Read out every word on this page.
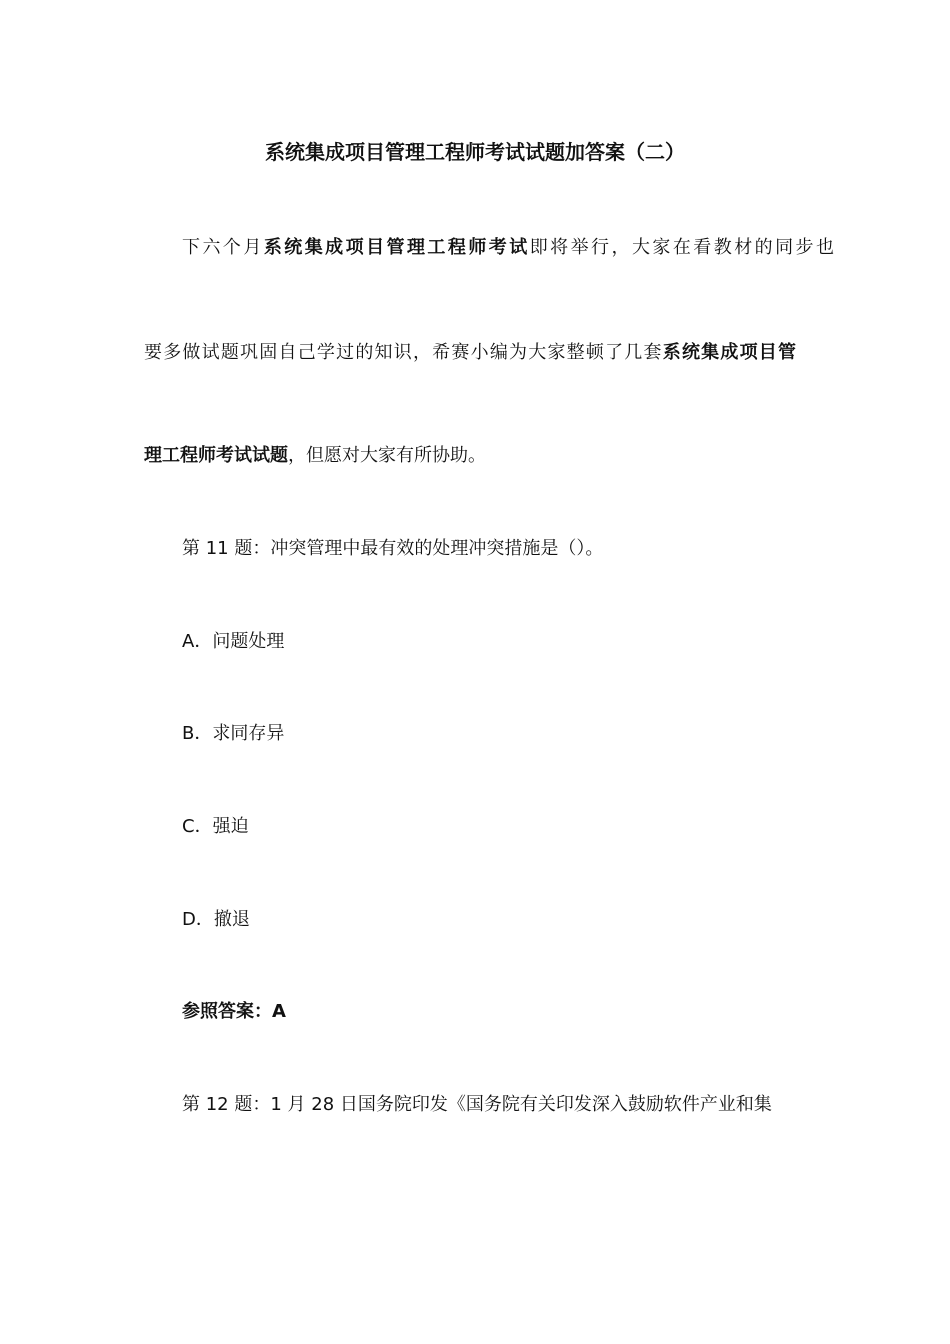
系统集成项目管理工程师考试试题加答案（二）
下六个月系统集成项目管理工程师考试即将举行，大家在看教材的同步也
要多做试题巩固自己学过的知识，希赛小编为大家整顿了几套系统集成项目管
理工程师考试试题，但愿对大家有所协助。
第 11 题：冲突管理中最有效的处理冲突措施是（）。
A．问题处理
B．求同存异
C．强迫
D．撤退
参照答案：A
第 12 题：1 月 28 日国务院印发《国务院有关印发深入鼓励软件产业和集
